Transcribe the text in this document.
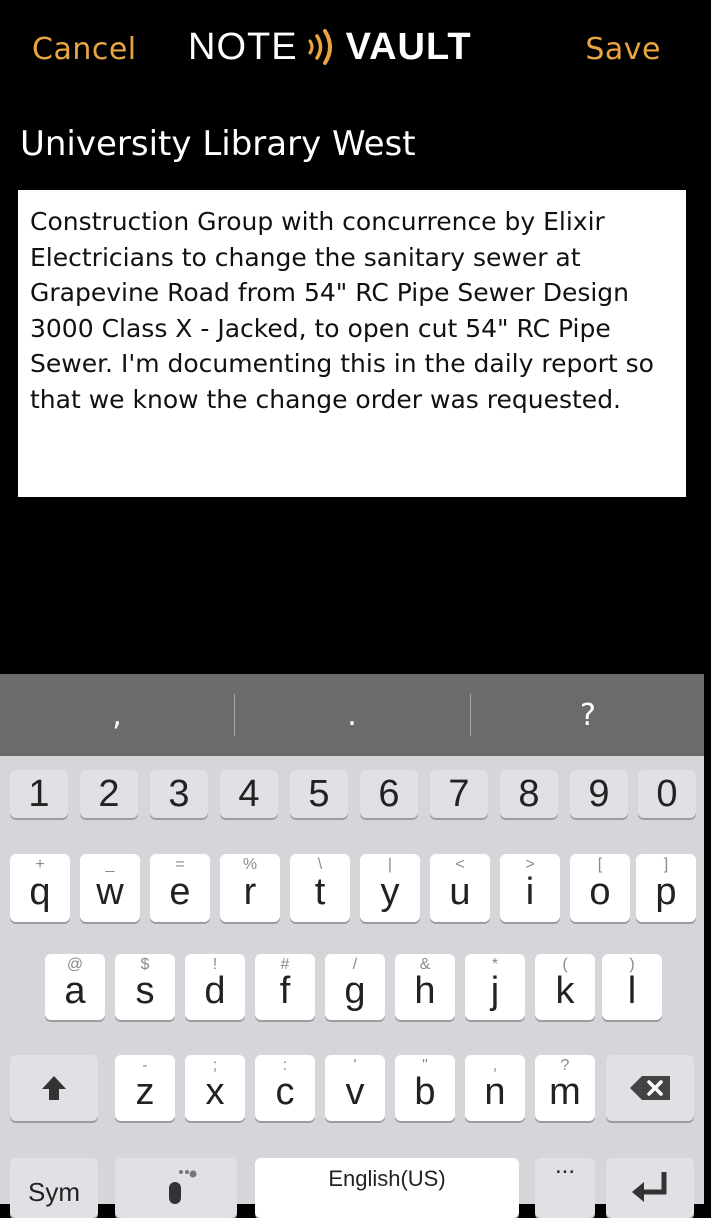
Cancel NOTE VAULT	Save
University Library West
Construction Group with concurrence by Elixir Electricians to change the sanitary sewer at Grapevine Road from 54" RC Pipe Sewer Design 3000 Class X - Jacked, to open cut 54" RC Pipe Sewer. I'm documenting this in the daily report so that we know the change order was requested.
,	.	?
1 2 3 4 5 6 7 8 9 0
+
q
_
w
=
e
%
r
\
t
|
y
<
u
>
i
[
o
]
p
@
a
$
s
!
d
#
f
/
g
&
h
*
j
(
k
)
l
-
z
;
x
:
c
'
v
"
b
,
n
?
m
Sym	English(US)	...
